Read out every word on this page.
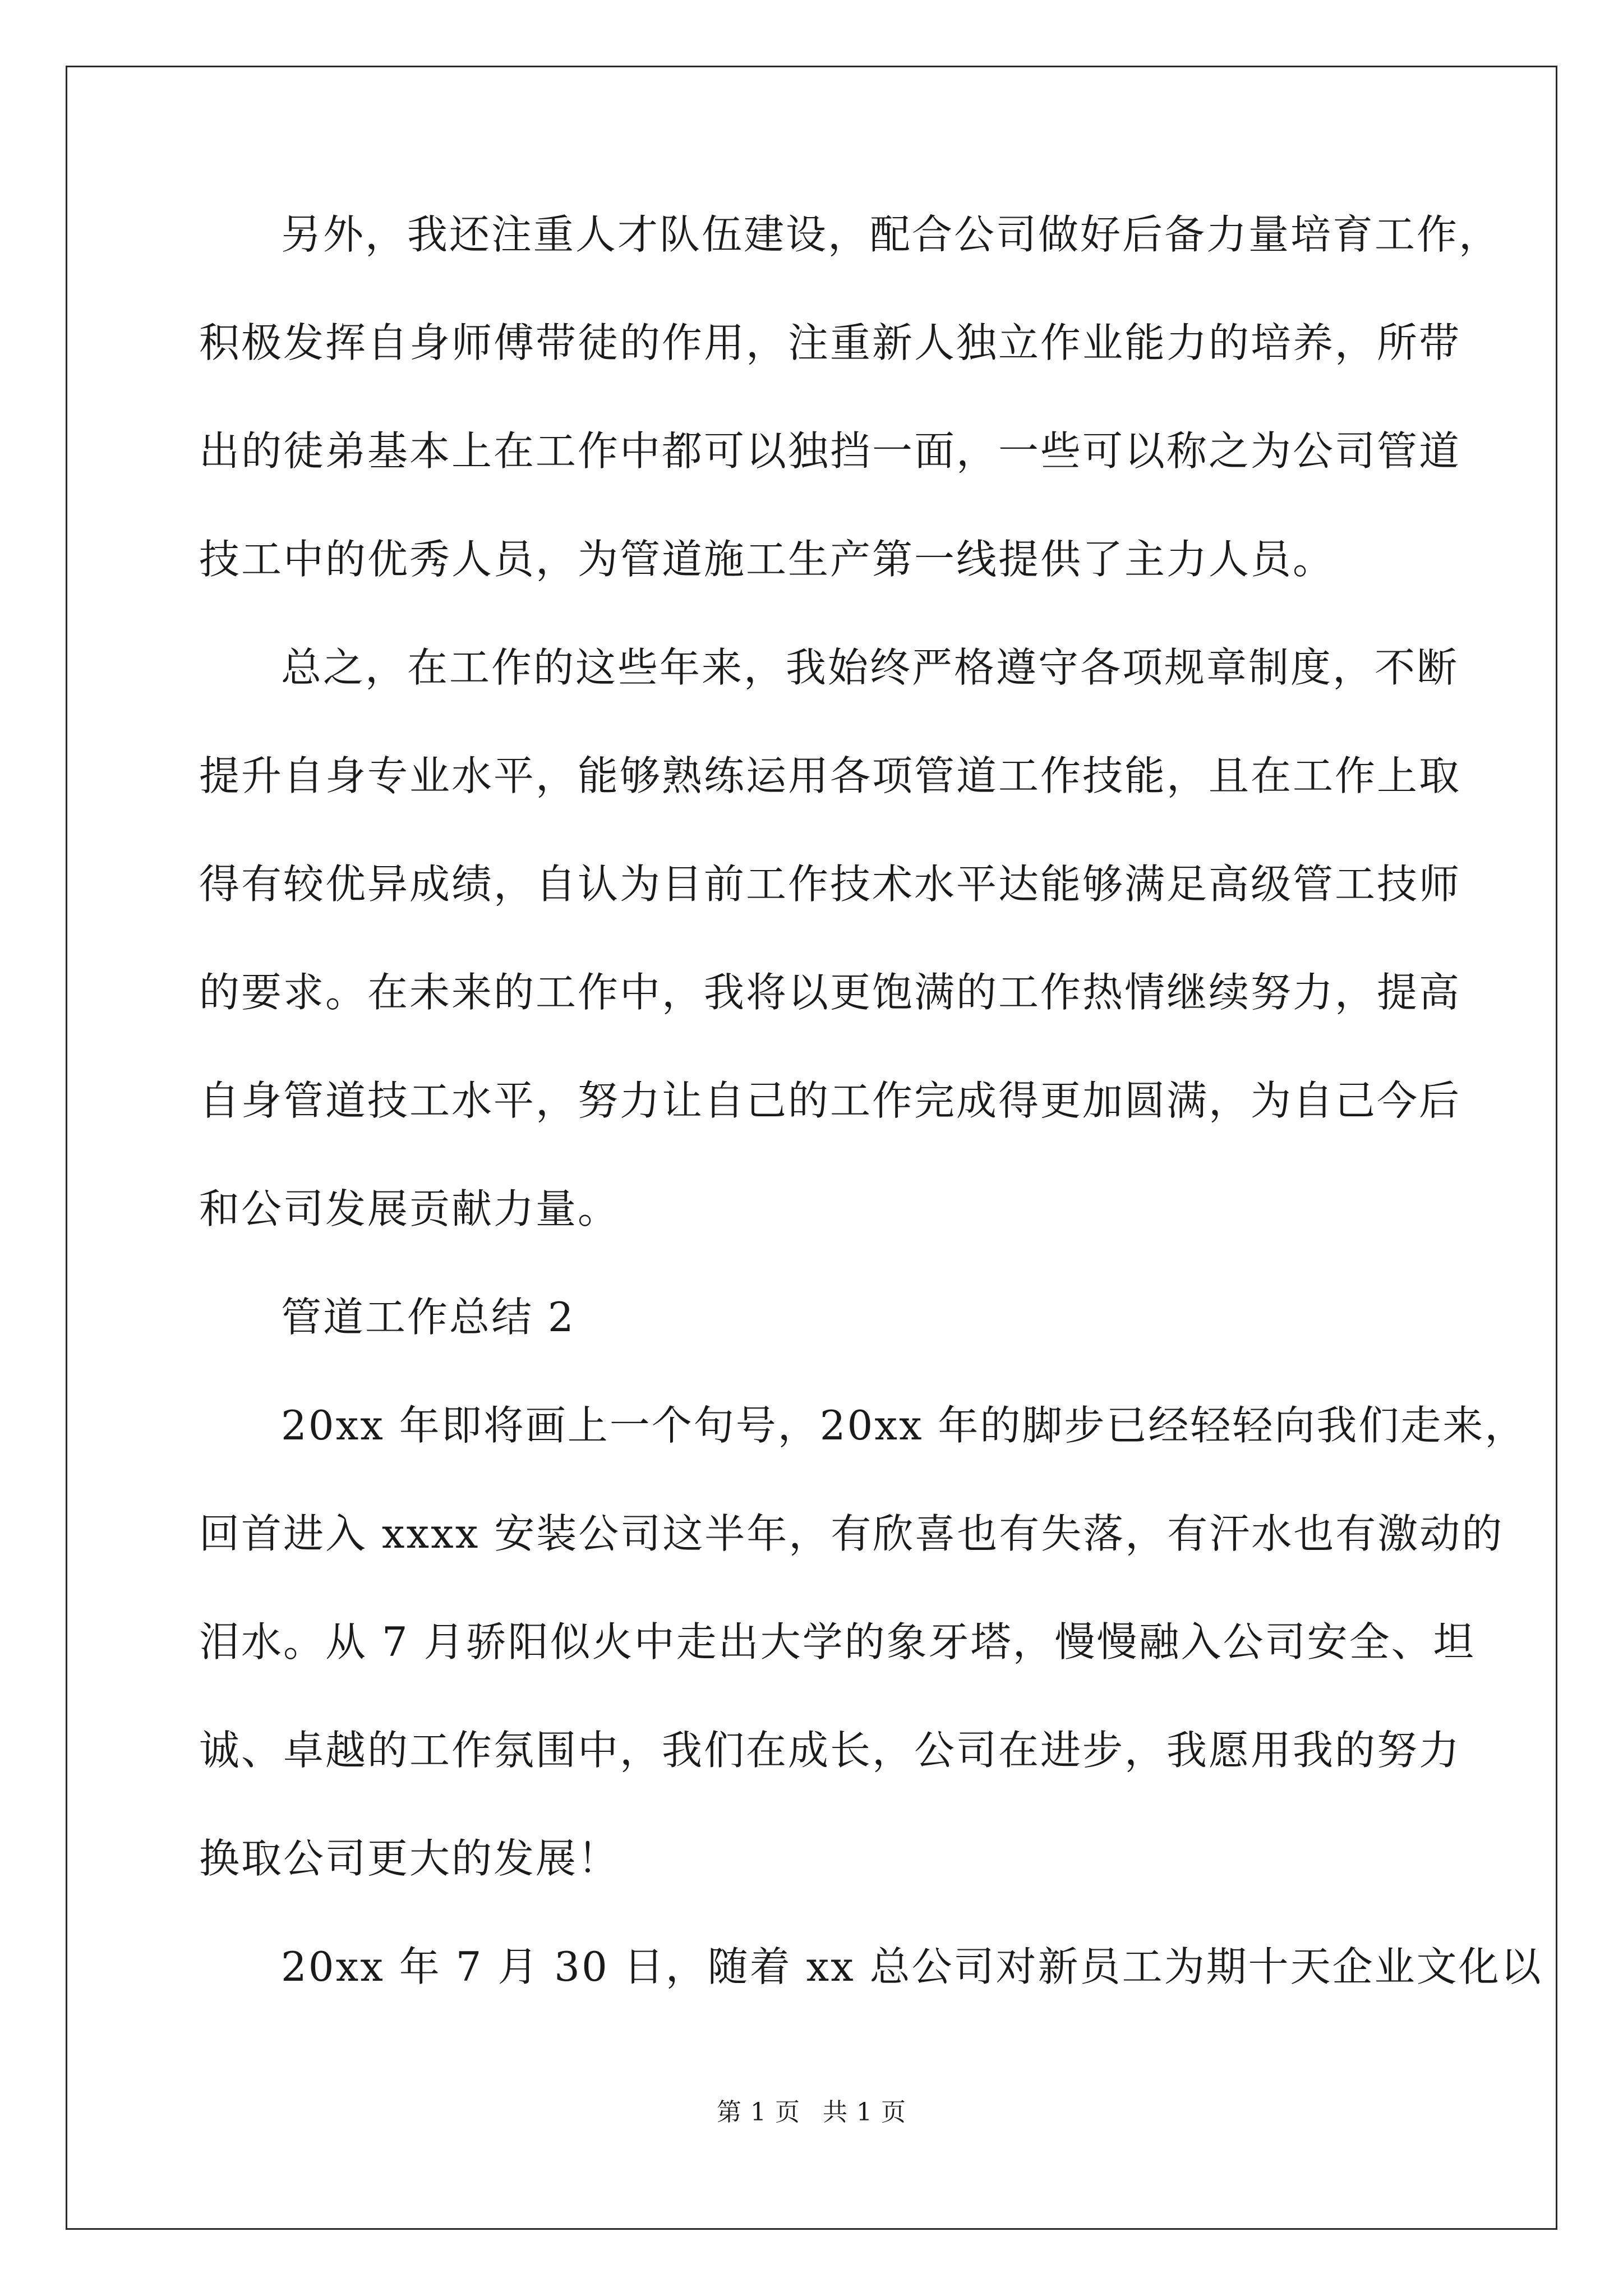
另外，我还注重人才队伍建设，配合公司做好后备力量培育工作，
积极发挥自身师傅带徒的作用，注重新人独立作业能力的培养，所带
出的徒弟基本上在工作中都可以独挡一面，一些可以称之为公司管道
技工中的优秀人员，为管道施工生产第一线提供了主力人员。
总之，在工作的这些年来，我始终严格遵守各项规章制度，不断
提升自身专业水平，能够熟练运用各项管道工作技能，且在工作上取
得有较优异成绩，自认为目前工作技术水平达能够满足高级管工技师
的要求。在未来的工作中，我将以更饱满的工作热情继续努力，提高
自身管道技工水平，努力让自己的工作完成得更加圆满，为自己今后
和公司发展贡献力量。
管道工作总结 2
20xx 年即将画上一个句号，20xx 年的脚步已经轻轻向我们走来，
回首进入 xxxx 安装公司这半年，有欣喜也有失落，有汗水也有激动的
泪水。从 7 月骄阳似火中走出大学的象牙塔，慢慢融入公司安全、坦
诚、卓越的工作氛围中，我们在成长，公司在进步，我愿用我的努力
换取公司更大的发展！
20xx 年 7 月 30 日，随着 xx 总公司对新员工为期十天企业文化以
第 1 页 共 1 页
